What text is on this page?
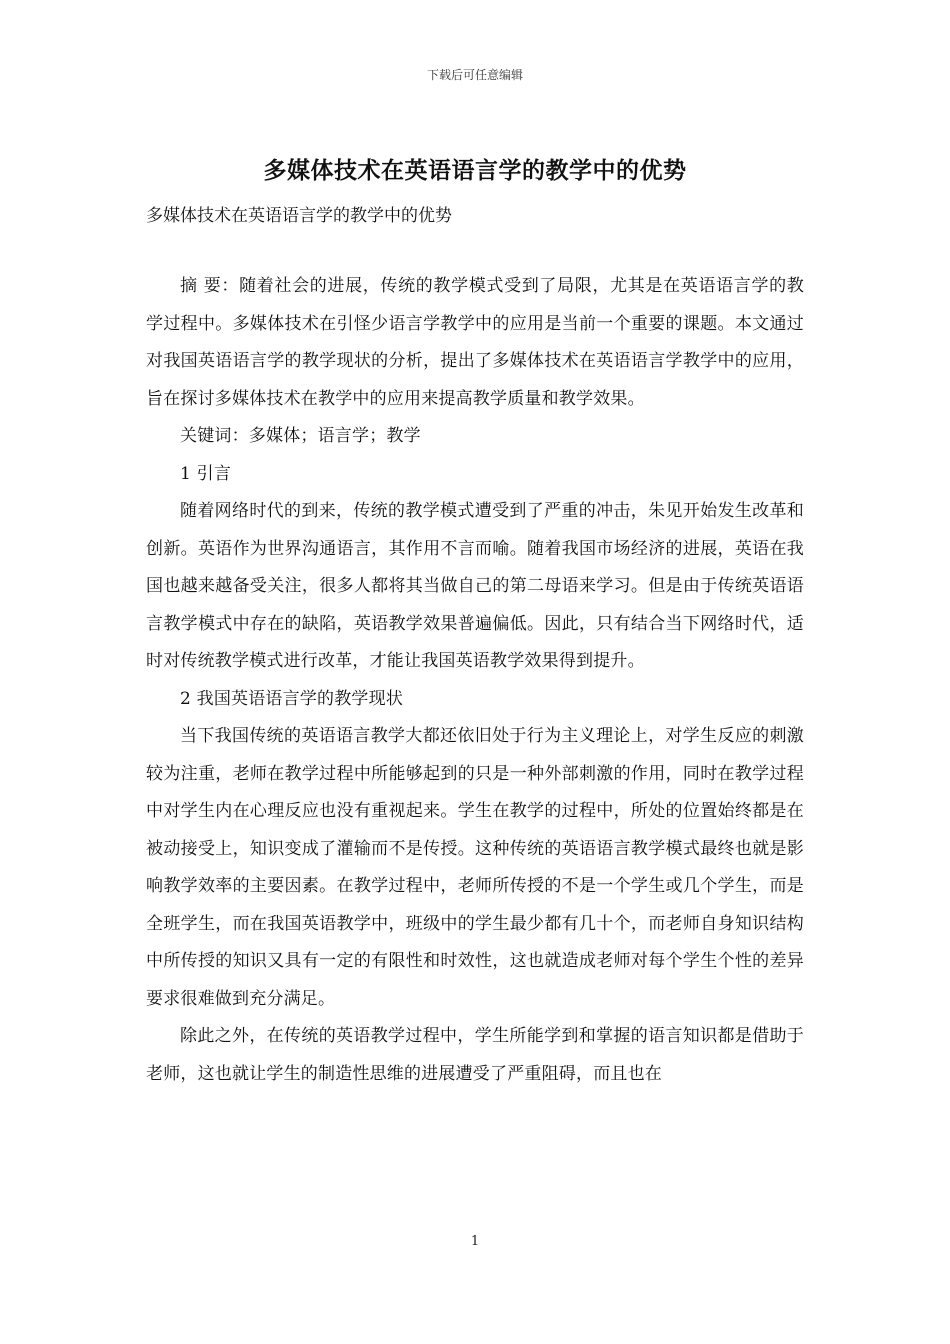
下载后可任意编辑
多媒体技术在英语语言学的教学中的优势
多媒体技术在英语语言学的教学中的优势

摘 要：随着社会的进展，传统的教学模式受到了局限，尤其是在英语语言学的教学过程中。多媒体技术在引怪少语言学教学中的应用是当前一个重要的课题。本文通过对我国英语语言学的教学现状的分析，提出了多媒体技术在英语语言学教学中的应用，旨在探讨多媒体技术在教学中的应用来提高教学质量和教学效果。

关键词：多媒体；语言学；教学

1 引言

随着网络时代的到来，传统的教学模式遭受到了严重的冲击，朱见开始发生改革和创新。英语作为世界沟通语言，其作用不言而喻。随着我国市场经济的进展，英语在我国也越来越备受关注，很多人都将其当做自己的第二母语来学习。但是由于传统英语语言教学模式中存在的缺陷，英语教学效果普遍偏低。因此，只有结合当下网络时代，适时对传统教学模式进行改革，才能让我国英语教学效果得到提升。

2 我国英语语言学的教学现状

当下我国传统的英语语言教学大都还依旧处于行为主义理论上，对学生反应的刺激较为注重，老师在教学过程中所能够起到的只是一种外部刺激的作用，同时在教学过程中对学生内在心理反应也没有重视起来。学生在教学的过程中，所处的位置始终都是在被动接受上，知识变成了灌输而不是传授。这种传统的英语语言教学模式最终也就是影响教学效率的主要因素。在教学过程中，老师所传授的不是一个学生或几个学生，而是全班学生，而在我国英语教学中，班级中的学生最少都有几十个，而老师自身知识结构中所传授的知识又具有一定的有限性和时效性，这也就造成老师对每个学生个性的差异要求很难做到充分满足。

除此之外，在传统的英语教学过程中，学生所能学到和掌握的语言知识都是借助于老师，这也就让学生的制造性思维的进展遭受了严重阻碍，而且也在

1
